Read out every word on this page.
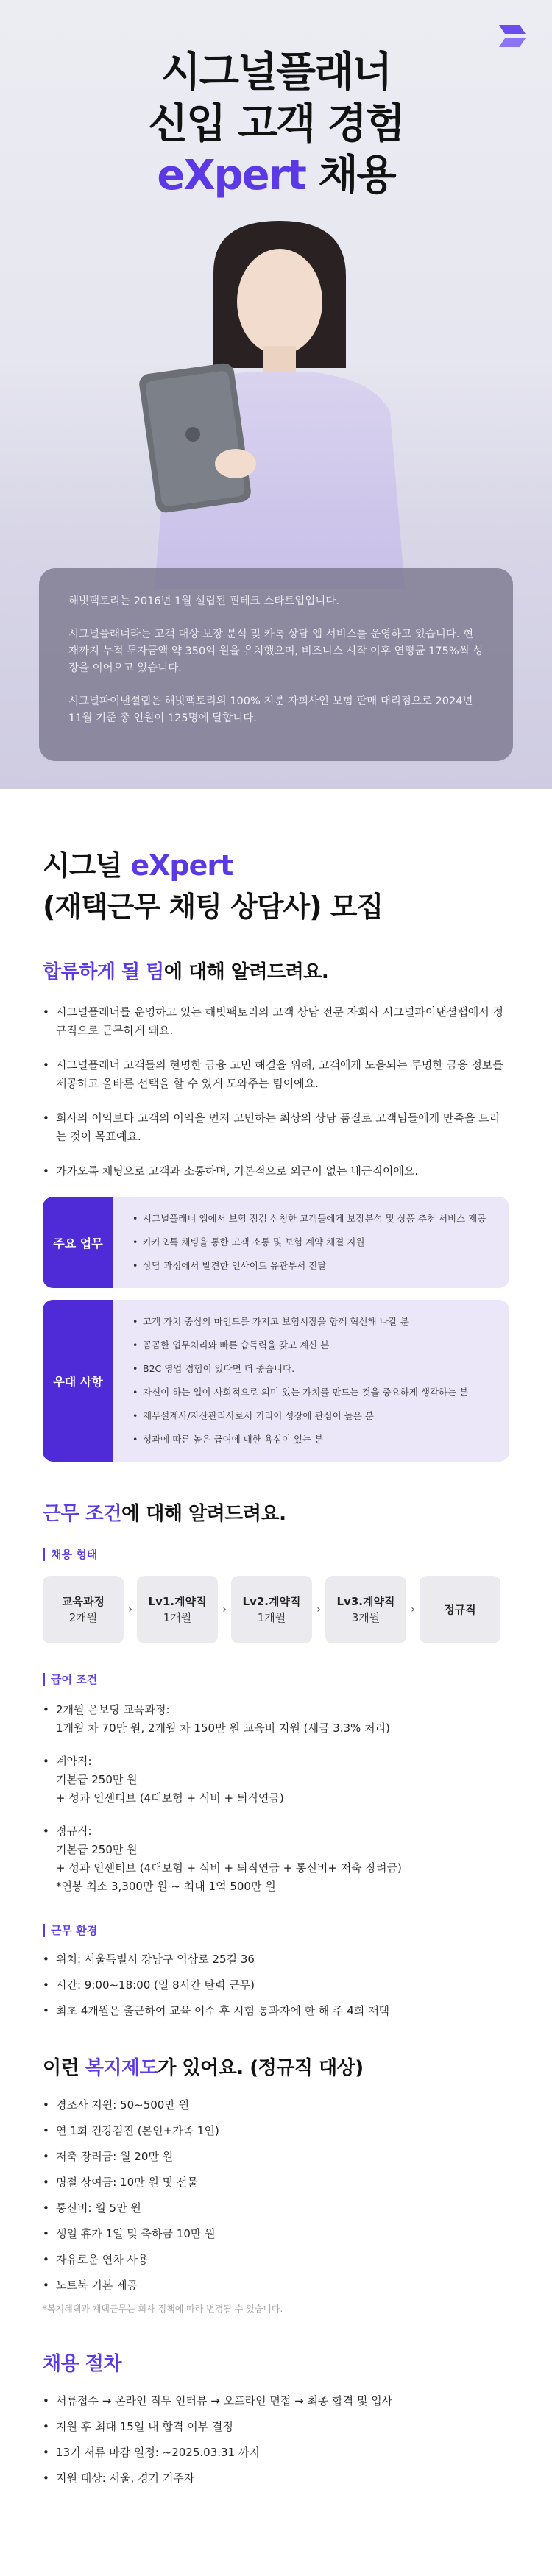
시그널플래너
신입 고객 경험
eXpert 채용

해빗팩토리는 2016년 1월 설립된 핀테크 스타트업입니다.

시그널플래너라는 고객 대상 보장 분석 및 카톡 상담 앱 서비스를 운영하고 있습니다. 현재까지 누적 투자금액 약 350억 원을 유치했으며, 비즈니스 시작 이후 연평균 175%씩 성장을 이어오고 있습니다.

시그널파이낸셜랩은 해빗팩토리의 100% 지분 자회사인 보험 판매 대리점으로 2024년 11월 기준 총 인원이 125명에 달합니다.

시그널 eXpert
(재택근무 채팅 상담사) 모집
합류하게 될 팀에 대해 알려드려요.
• 시그널플래너를 운영하고 있는 해빗팩토리의 고객 상담 전문 자회사 시그널파이낸셜랩에서 정규직으로 근무하게 돼요.
• 시그널플래너 고객들의 현명한 금융 고민 해결을 위해, 고객에게 도움되는 투명한 금융 정보를 제공하고 올바른 선택을 할 수 있게 도와주는 팀이에요.
• 회사의 이익보다 고객의 이익을 먼저 고민하는 최상의 상담 품질로 고객님들에게 만족을 드리는 것이 목표예요.
• 카카오톡 채팅으로 고객과 소통하며, 기본적으로 외근이 없는 내근직이에요.
주요 업무
• 시그널플래너 앱에서 보험 점검 신청한 고객들에게 보장분석 및 상품 추천 서비스 제공
• 카카오톡 채팅을 통한 고객 소통 및 보험 계약 체결 지원
• 상담 과정에서 발견한 인사이트 유관부서 전달
우대 사항
• 고객 가치 중심의 마인드를 가지고 보험시장을 함께 혁신해 나갈 분
• 꼼꼼한 업무처리와 빠른 습득력을 갖고 계신 분
• B2C 영업 경험이 있다면 더 좋습니다.
• 자신이 하는 일이 사회적으로 의미 있는 가치를 만드는 것을 중요하게 생각하는 분
• 재무설계사/자산관리사로서 커리어 성장에 관심이 높은 분
• 성과에 따른 높은 급여에 대한 욕심이 있는 분
근무 조건에 대해 알려드려요.
채용 형태
교육과정
2개월
›
Lv1.계약직
1개월
›
Lv2.계약직
1개월
›
Lv3.계약직
3개월
›	정규직
급여 조건
• 2개월 온보딩 교육과정:
1개월 차 70만 원, 2개월 차 150만 원 교육비 지원 (세금 3.3% 처리)
• 계약직:
기본급 250만 원
+ 성과 인센티브 (4대보험 + 식비 + 퇴직연금)
• 정규직:
기본급 250만 원
+ 성과 인센티브 (4대보험 + 식비 + 퇴직연금 + 통신비+ 저축 장려금)
*연봉 최소 3,300만 원 ~ 최대 1억 500만 원
근무 환경
• 위치: 서울특별시 강남구 역삼로 25길 36
• 시간: 9:00~18:00 (일 8시간 탄력 근무)
• 최초 4개월은 출근하여 교육 이수 후 시험 통과자에 한 해 주 4회 재택
이런 복지제도가 있어요. (정규직 대상)
• 경조사 지원: 50~500만 원
• 연 1회 건강검진 (본인+가족 1인)
• 저축 장려금: 월 20만 원
• 명절 상여금: 10만 원 및 선물
• 통신비: 월 5만 원
• 생일 휴가 1일 및 축하금 10만 원
• 자유로운 연차 사용
• 노트북 기본 제공
*복지혜택과 재택근무는 회사 정책에 따라 변경될 수 있습니다.
채용 절차
• 서류접수 → 온라인 직무 인터뷰 → 오프라인 면접 → 최종 합격 및 입사
• 지원 후 최대 15일 내 합격 여부 결정
• 13기 서류 마감 일정: ~2025.03.31 까지
• 지원 대상: 서울, 경기 거주자
